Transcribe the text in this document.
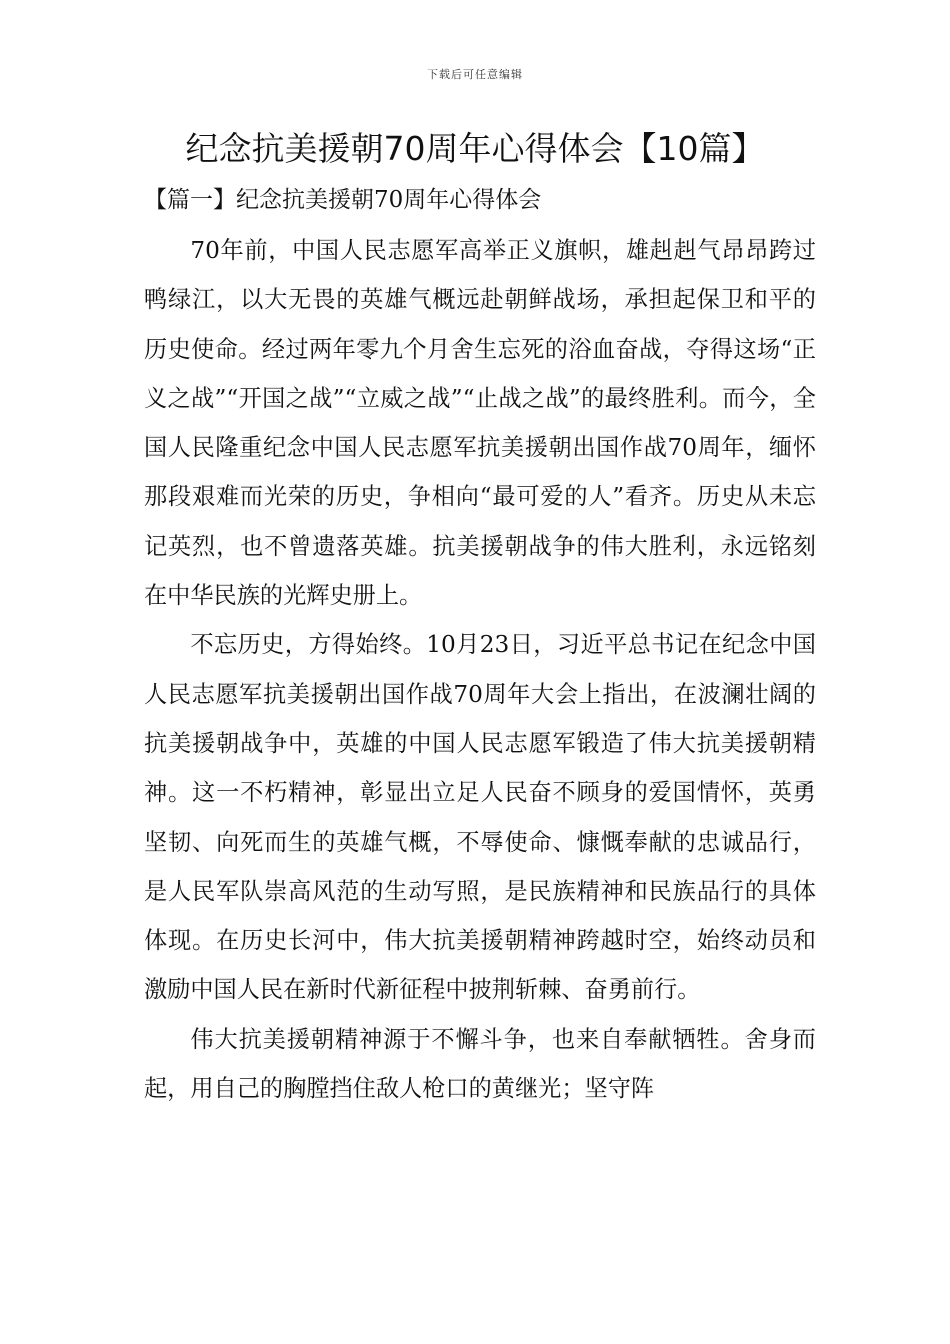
下载后可任意编辑
纪念抗美援朝70周年心得体会【10篇】
【篇一】纪念抗美援朝70周年心得体会

70年前，中国人民志愿军高举正义旗帜，雄赳赳气昂昂跨过鸭绿江，以大无畏的英雄气概远赴朝鲜战场，承担起保卫和平的历史使命。经过两年零九个月舍生忘死的浴血奋战，夺得这场“正义之战”“开国之战”“立威之战”“止战之战”的最终胜利。而今，全国人民隆重纪念中国人民志愿军抗美援朝出国作战70周年，缅怀那段艰难而光荣的历史，争相向“最可爱的人”看齐。历史从未忘记英烈，也不曾遗落英雄。抗美援朝战争的伟大胜利，永远铭刻在中华民族的光辉史册上。

不忘历史，方得始终。10月23日，习近平总书记在纪念中国人民志愿军抗美援朝出国作战70周年大会上指出，在波澜壮阔的抗美援朝战争中，英雄的中国人民志愿军锻造了伟大抗美援朝精神。这一不朽精神，彰显出立足人民奋不顾身的爱国情怀，英勇坚韧、向死而生的英雄气概，不辱使命、慷慨奉献的忠诚品行，是人民军队崇高风范的生动写照，是民族精神和民族品行的具体体现。在历史长河中，伟大抗美援朝精神跨越时空，始终动员和激励中国人民在新时代新征程中披荆斩棘、奋勇前行。

伟大抗美援朝精神源于不懈斗争，也来自奉献牺牲。舍身而起，用自己的胸膛挡住敌人枪口的黄继光；坚守阵
